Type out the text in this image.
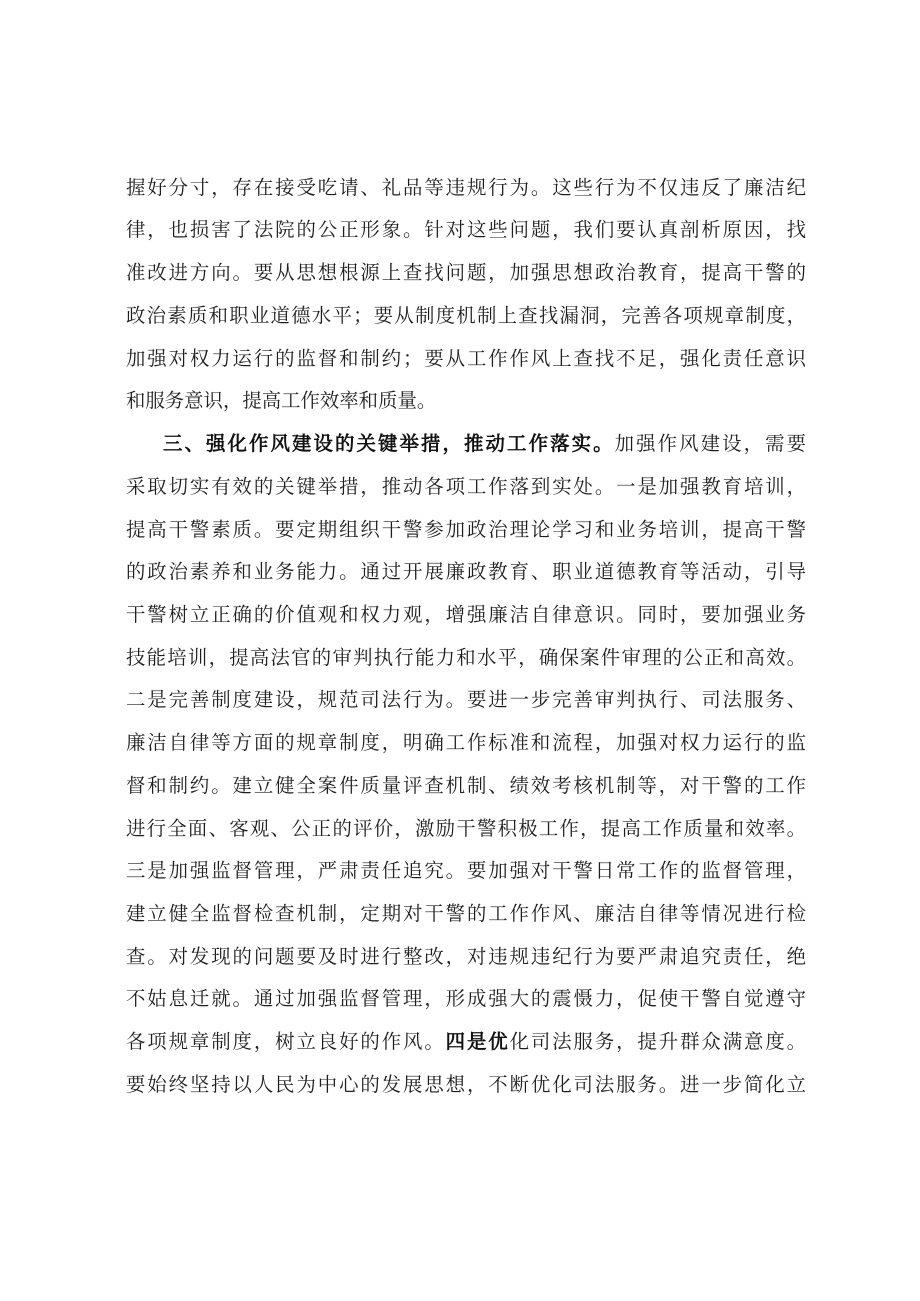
握好分寸，存在接受吃请、礼品等违规行为。这些行为不仅违反了廉洁纪
律，也损害了法院的公正形象。针对这些问题，我们要认真剖析原因，找
准改进方向。要从思想根源上查找问题，加强思想政治教育，提高干警的
政治素质和职业道德水平；要从制度机制上查找漏洞，完善各项规章制度，
加强对权力运行的监督和制约；要从工作作风上查找不足，强化责任意识
和服务意识，提高工作效率和质量。
三、强化作风建设的关键举措，推动工作落实。加强作风建设，需要
采取切实有效的关键举措，推动各项工作落到实处。一是加强教育培训，
提高干警素质。要定期组织干警参加政治理论学习和业务培训，提高干警
的政治素养和业务能力。通过开展廉政教育、职业道德教育等活动，引导
干警树立正确的价值观和权力观，增强廉洁自律意识。同时，要加强业务
技能培训，提高法官的审判执行能力和水平，确保案件审理的公正和高效。
二是完善制度建设，规范司法行为。要进一步完善审判执行、司法服务、
廉洁自律等方面的规章制度，明确工作标准和流程，加强对权力运行的监
督和制约。建立健全案件质量评查机制、绩效考核机制等，对干警的工作
进行全面、客观、公正的评价，激励干警积极工作，提高工作质量和效率。
三是加强监督管理，严肃责任追究。要加强对干警日常工作的监督管理，
建立健全监督检查机制，定期对干警的工作作风、廉洁自律等情况进行检
查。对发现的问题要及时进行整改，对违规违纪行为要严肃追究责任，绝
不姑息迁就。通过加强监督管理，形成强大的震慑力，促使干警自觉遵守
各项规章制度，树立良好的作风。四是优化司法服务，提升群众满意度。
要始终坚持以人民为中心的发展思想，不断优化司法服务。进一步简化立
